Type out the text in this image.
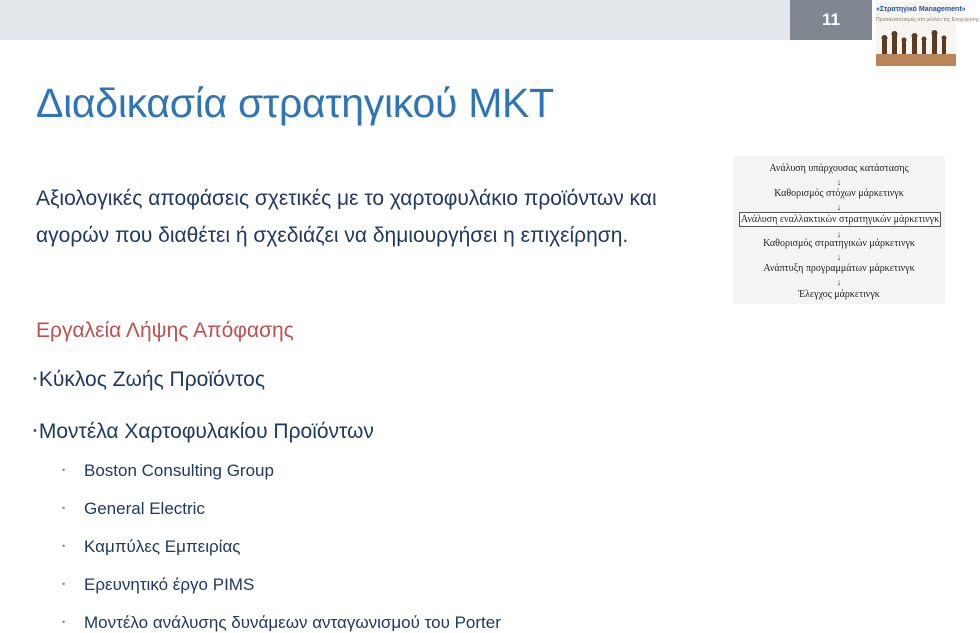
11
«Στρατηγικό Management»
Προσανατολισμός στο μέλλον της Επιχείρησης
Διαδικασία στρατηγικού ΜΚΤ
Αξιολογικές αποφάσεις σχετικές με το χαρτοφυλάκιο προϊόντων και αγορών που διαθέτει ή σχεδιάζει να δημιουργήσει η επιχείρηση.
Εργαλεία Λήψης Απόφασης
•Κύκλος Ζωής Προϊόντος
•Μοντέλα Χαρτοφυλακίου Προϊόντων
• Boston Consulting Group
• General Electric
• Καμπύλες Εμπειρίας
• Ερευνητικό έργο PIMS
• Μοντέλο ανάλυσης δυνάμεων ανταγωνισμού του Porter
Ανάλυση υπάρχουσας κατάστασης
↓
Καθορισμός στόχων μάρκετινγκ
↓
Ανάλυση εναλλακτικών στρατηγικών μάρκετινγκ
↓
Καθορισμός στρατηγικών μάρκετινγκ
↓
Ανάπτυξη προγραμμάτων μάρκετινγκ
↓
Έλεγχος μάρκετινγκ
